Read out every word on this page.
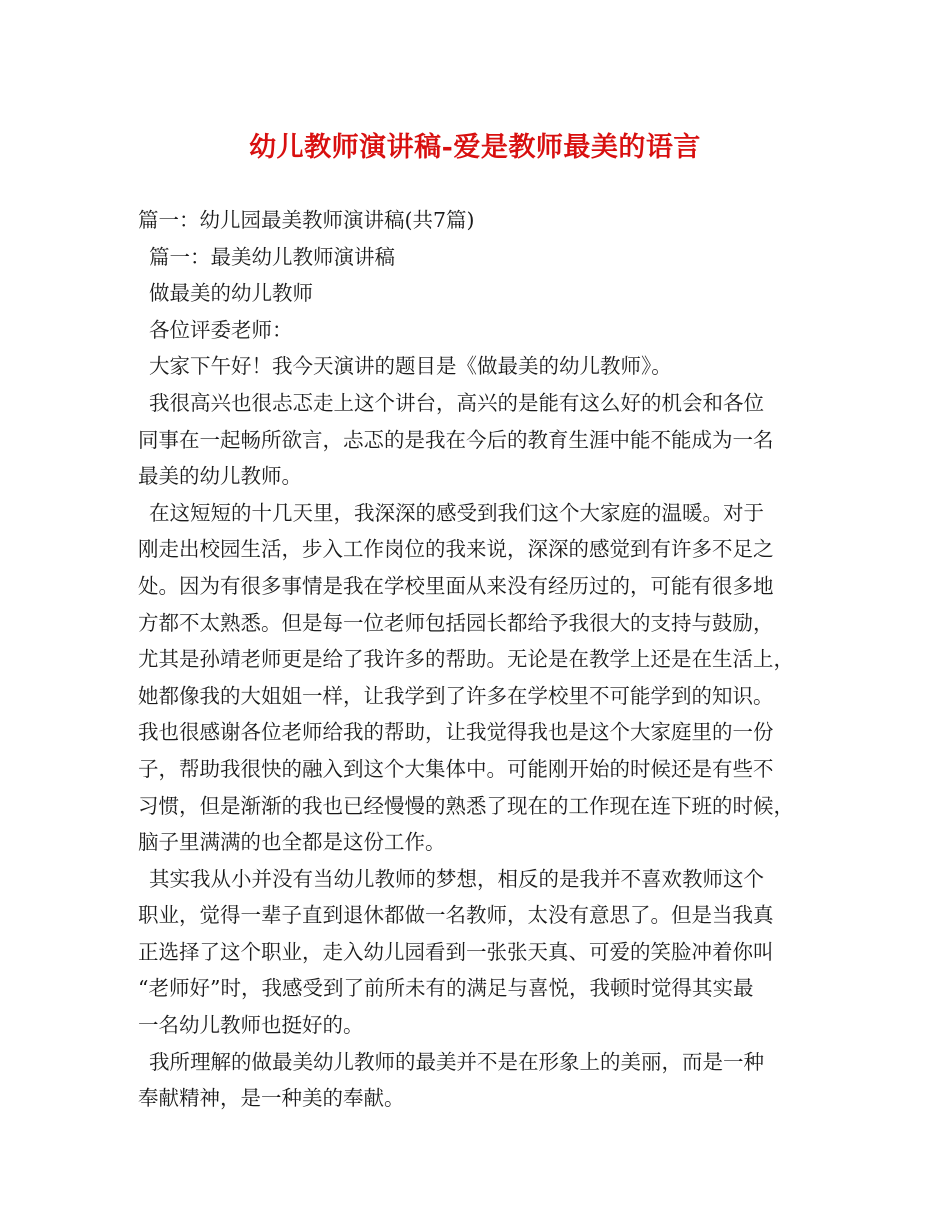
幼儿教师演讲稿-爱是教师最美的语言
篇一：幼儿园最美教师演讲稿(共7篇)
篇一：最美幼儿教师演讲稿
做最美的幼儿教师
各位评委老师：
大家下午好！我今天演讲的题目是《做最美的幼儿教师》。
我很高兴也很忐忑走上这个讲台，高兴的是能有这么好的机会和各位
同事在一起畅所欲言，忐忑的是我在今后的教育生涯中能不能成为一名
最美的幼儿教师。
在这短短的十几天里，我深深的感受到我们这个大家庭的温暖。对于
刚走出校园生活，步入工作岗位的我来说，深深的感觉到有许多不足之
处。因为有很多事情是我在学校里面从来没有经历过的，可能有很多地
方都不太熟悉。但是每一位老师包括园长都给予我很大的支持与鼓励，
尤其是孙靖老师更是给了我许多的帮助。无论是在教学上还是在生活上，
她都像我的大姐姐一样，让我学到了许多在学校里不可能学到的知识。
我也很感谢各位老师给我的帮助，让我觉得我也是这个大家庭里的一份
子，帮助我很快的融入到这个大集体中。可能刚开始的时候还是有些不
习惯，但是渐渐的我也已经慢慢的熟悉了现在的工作现在连下班的时候，
脑子里满满的也全都是这份工作。
其实我从小并没有当幼儿教师的梦想，相反的是我并不喜欢教师这个
职业，觉得一辈子直到退休都做一名教师，太没有意思了。但是当我真
正选择了这个职业，走入幼儿园看到一张张天真、可爱的笑脸冲着你叫
“老师好”时，我感受到了前所未有的满足与喜悦，我顿时觉得其实最
一名幼儿教师也挺好的。
我所理解的做最美幼儿教师的最美并不是在形象上的美丽，而是一种
奉献精神，是一种美的奉献。
